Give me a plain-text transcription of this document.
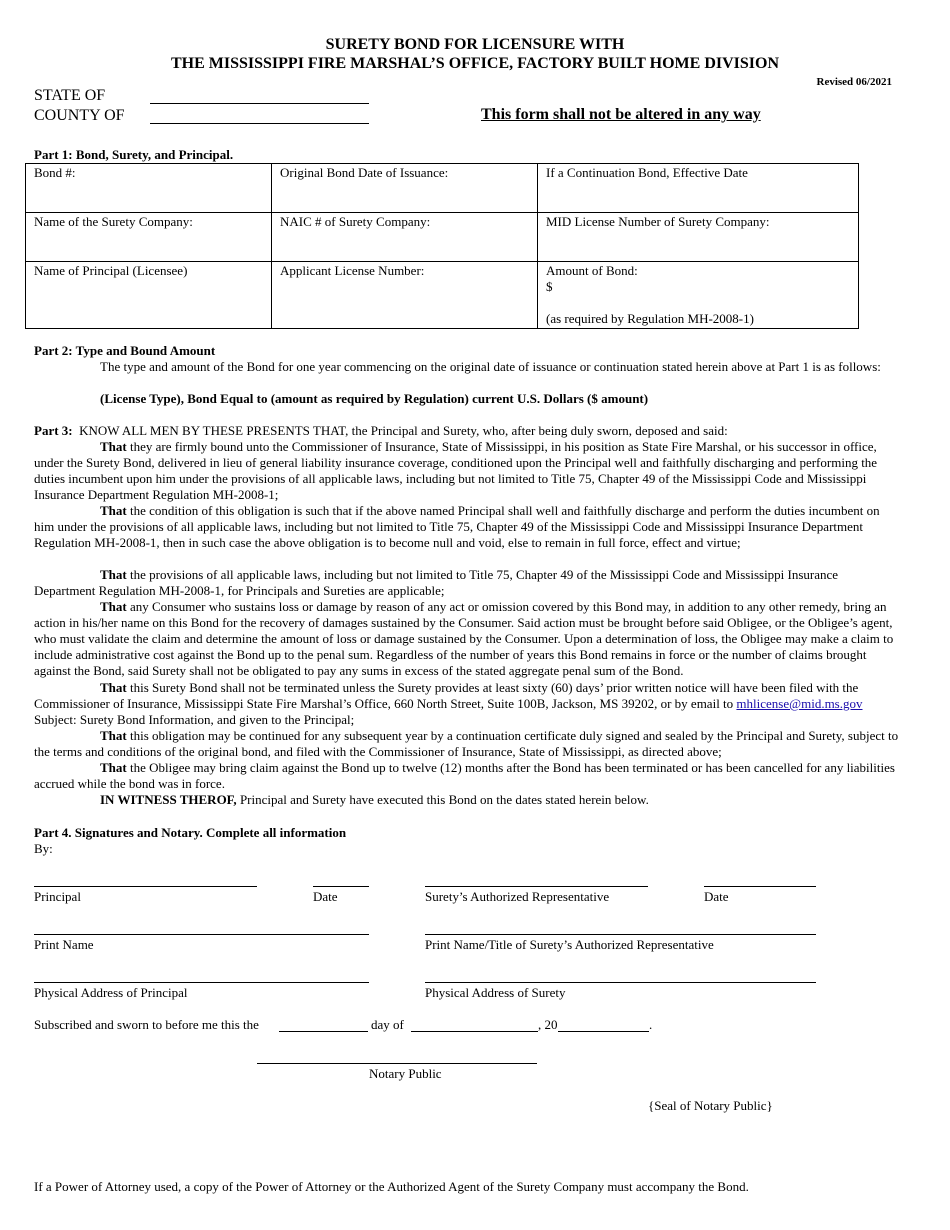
SURETY BOND FOR LICENSURE WITH
THE MISSISSIPPI FIRE MARSHAL’S OFFICE, FACTORY BUILT HOME DIVISION
Revised 06/2021
STATE OF
COUNTY OF	This form shall not be altered in any way
Part 1: Bond, Surety, and Principal.
Bond #:	Original Bond Date of Issuance:	If a Continuation Bond, Effective Date
Name of the Surety Company:	NAIC # of Surety Company:	MID License Number of Surety Company:
Name of Principal (Licensee)	Applicant License Number:	Amount of Bond:
$
(as required by Regulation MH-2008-1)
Part 2: Type and Bound Amount
The type and amount of the Bond for one year commencing on the original date of issuance or continuation stated herein above at Part 1 is as follows:
(License Type), Bond Equal to (amount as required by Regulation) current U.S. Dollars ($ amount)
Part 3: KNOW ALL MEN BY THESE PRESENTS THAT, the Principal and Surety, who, after being duly sworn, deposed and said:
That they are firmly bound unto the Commissioner of Insurance, State of Mississippi, in his position as State Fire Marshal, or his successor in office, under the Surety Bond, delivered in lieu of general liability insurance coverage, conditioned upon the Principal well and faithfully discharging and performing the duties incumbent upon him under the provisions of all applicable laws, including but not limited to Title 75, Chapter 49 of the Mississippi Code and Mississippi Insurance Department Regulation MH-2008-1;
That the condition of this obligation is such that if the above named Principal shall well and faithfully discharge and perform the duties incumbent on him under the provisions of all applicable laws, including but not limited to Title 75, Chapter 49 of the Mississippi Code and Mississippi Insurance Department Regulation MH-2008-1, then in such case the above obligation is to become null and void, else to remain in full force, effect and virtue;
That the provisions of all applicable laws, including but not limited to Title 75, Chapter 49 of the Mississippi Code and Mississippi Insurance Department Regulation MH-2008-1, for Principals and Sureties are applicable;
That any Consumer who sustains loss or damage by reason of any act or omission covered by this Bond may, in addition to any other remedy, bring an action in his/her name on this Bond for the recovery of damages sustained by the Consumer. Said action must be brought before said Obligee, or the Obligee’s agent, who must validate the claim and determine the amount of loss or damage sustained by the Consumer. Upon a determination of loss, the Obligee may make a claim to include administrative cost against the Bond up to the penal sum. Regardless of the number of years this Bond remains in force or the number of claims brought against the Bond, said Surety shall not be obligated to pay any sums in excess of the stated aggregate penal sum of the Bond.
That this Surety Bond shall not be terminated unless the Surety provides at least sixty (60) days’ prior written notice will have been filed with the Commissioner of Insurance, Mississippi State Fire Marshal’s Office, 660 North Street, Suite 100B, Jackson, MS 39202, or by email to mhlicense@mid.ms.gov Subject: Surety Bond Information, and given to the Principal;
That this obligation may be continued for any subsequent year by a continuation certificate duly signed and sealed by the Principal and Surety, subject to the terms and conditions of the original bond, and filed with the Commissioner of Insurance, State of Mississippi, as directed above;
That the Obligee may bring claim against the Bond up to twelve (12) months after the Bond has been terminated or has been cancelled for any liabilities accrued while the bond was in force.
IN WITNESS THEROF, Principal and Surety have executed this Bond on the dates stated herein below.
Part 4. Signatures and Notary. Complete all information
By:
Principal	Date	Surety’s Authorized Representative	Date
Print Name	Print Name/Title of Surety’s Authorized Representative
Physical Address of Principal	Physical Address of Surety
Subscribed and sworn to before me this the	day of	, 20	.
Notary Public
{Seal of Notary Public}
If a Power of Attorney used, a copy of the Power of Attorney or the Authorized Agent of the Surety Company must accompany the Bond.
